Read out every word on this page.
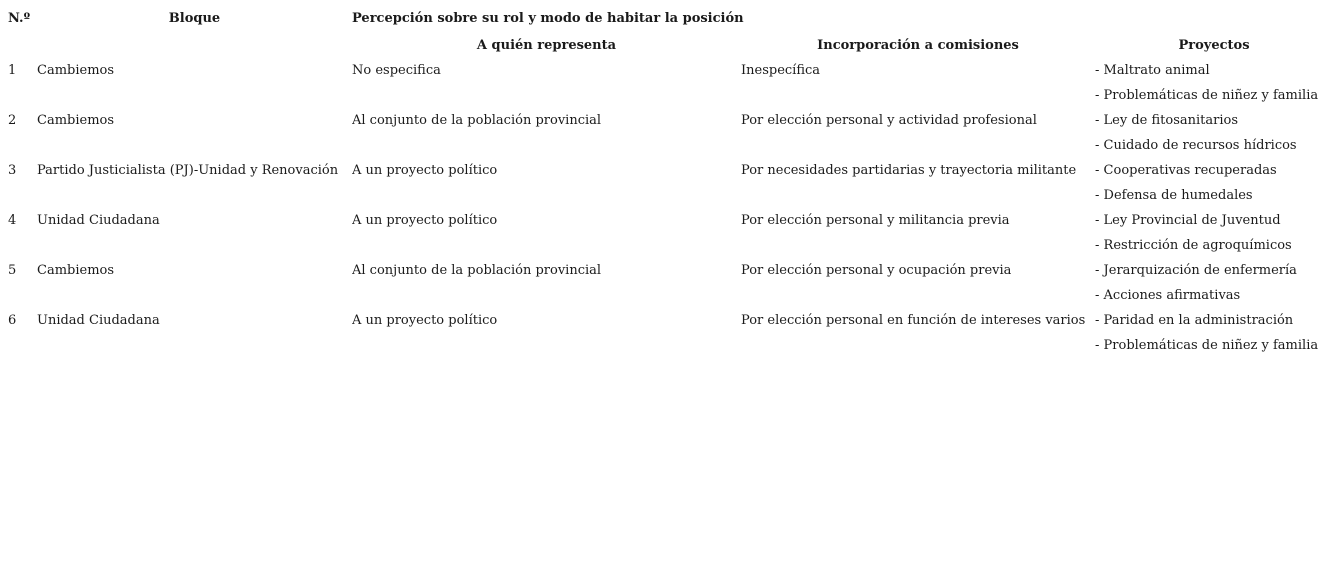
N.º	Bloque	Percepción sobre su rol y modo de habitar la posición		
		A quién representa	Incorporación a comisiones	Proyectos
1	Cambiemos	No especifica	Inespecífica	- Maltrato animal
				- Problemáticas de niñez y familia
2	Cambiemos	Al conjunto de la población provincial	Por elección personal y actividad profesional	- Ley de fitosanitarios
				- Cuidado de recursos hídricos
3	Partido Justicialista (PJ)-Unidad y Renovación	A un proyecto político	Por necesidades partidarias y trayectoria militante	- Cooperativas recuperadas
				- Defensa de humedales
4	Unidad Ciudadana	A un proyecto político	Por elección personal y militancia previa	- Ley Provincial de Juventud
				- Restricción de agroquímicos
5	Cambiemos	Al conjunto de la población provincial	Por elección personal y ocupación previa	- Jerarquización de enfermería
				- Acciones afirmativas
6	Unidad Ciudadana	A un proyecto político	Por elección personal en función de intereses varios	- Paridad en la administración
				- Problemáticas de niñez y familia
